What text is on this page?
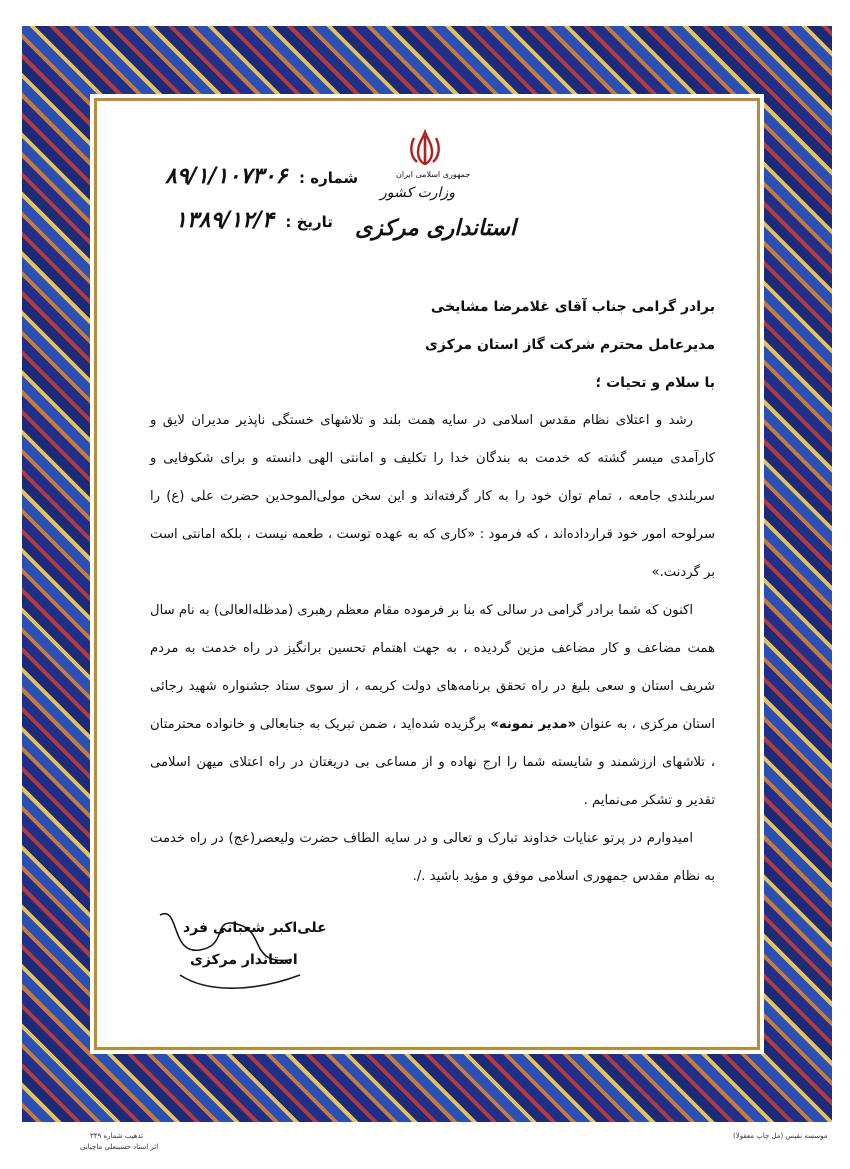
جمهوری اسلامی ایران
وزارت کشور
استانداری مرکزی
شماره : ۸۹/۱/۱۰۷۳۰۶
تاریخ : ۱۳۸۹/۱۲/۴

برادر گرامی جناب آقای غلامرضا مشایخی

مدیرعامل محترم شرکت گاز استان مرکزی

با سلام و تحیات ؛

رشد و اعتلای نظام مقدس اسلامی در سایه همت بلند و تلاشهای خستگی ناپذیر مدیران لایق و کارآمدی میسر گشته که خدمت به بندگان خدا را تکلیف و امانتی الهی دانسته و برای شکوفایی و سربلندی جامعه ، تمام توان خود را به کار گرفته‌اند و این سخن مولی‌الموحدین حضرت علی (ع) را سرلوحه امور خود قرارداده‌اند ، که فرمود : «کاری که به عهده توست ، طعمه نیست ، بلکه امانتی است بر گردنت.»

اکنون که شما برادر گرامی در سالی که بنا بر فرموده مقام معظم رهبری (مدظله‌العالی) به نام سال همت مضاعف و کار مضاعف مزین گردیده ، به جهت اهتمام تحسین برانگیز در راه خدمت به مردم شریف استان و سعی بلیغ در راه تحقق برنامه‌های دولت کریمه ، از سوی ستاد جشنواره شهید رجائی استان مرکزی ، به عنوان «مدیر نمونه» برگزیده شده‌اید ، ضمن تبریک به جنابعالی و خانواده محترمتان ، تلاشهای ارزشمند و شایسته شما را ارج نهاده و از مساعی بی دریغتان در راه اعتلای میهن اسلامی تقدیر و تشکر می‌نمایم .

امیدوارم در پرتو عنایات خداوند تبارک و تعالی و در سایه الطاف حضرت ولیعصر(عج) در راه خدمت به نظام مقدس جمهوری اسلامی موفق و مؤید باشید ./.

علی‌اکبر شعبانی فرد
استاندار مرکزی
موسسه نقیس (مل چاپ معقولا)
تذهیب شماره ۳۴۹
اثر استاد حسینعلی ماچیانی
